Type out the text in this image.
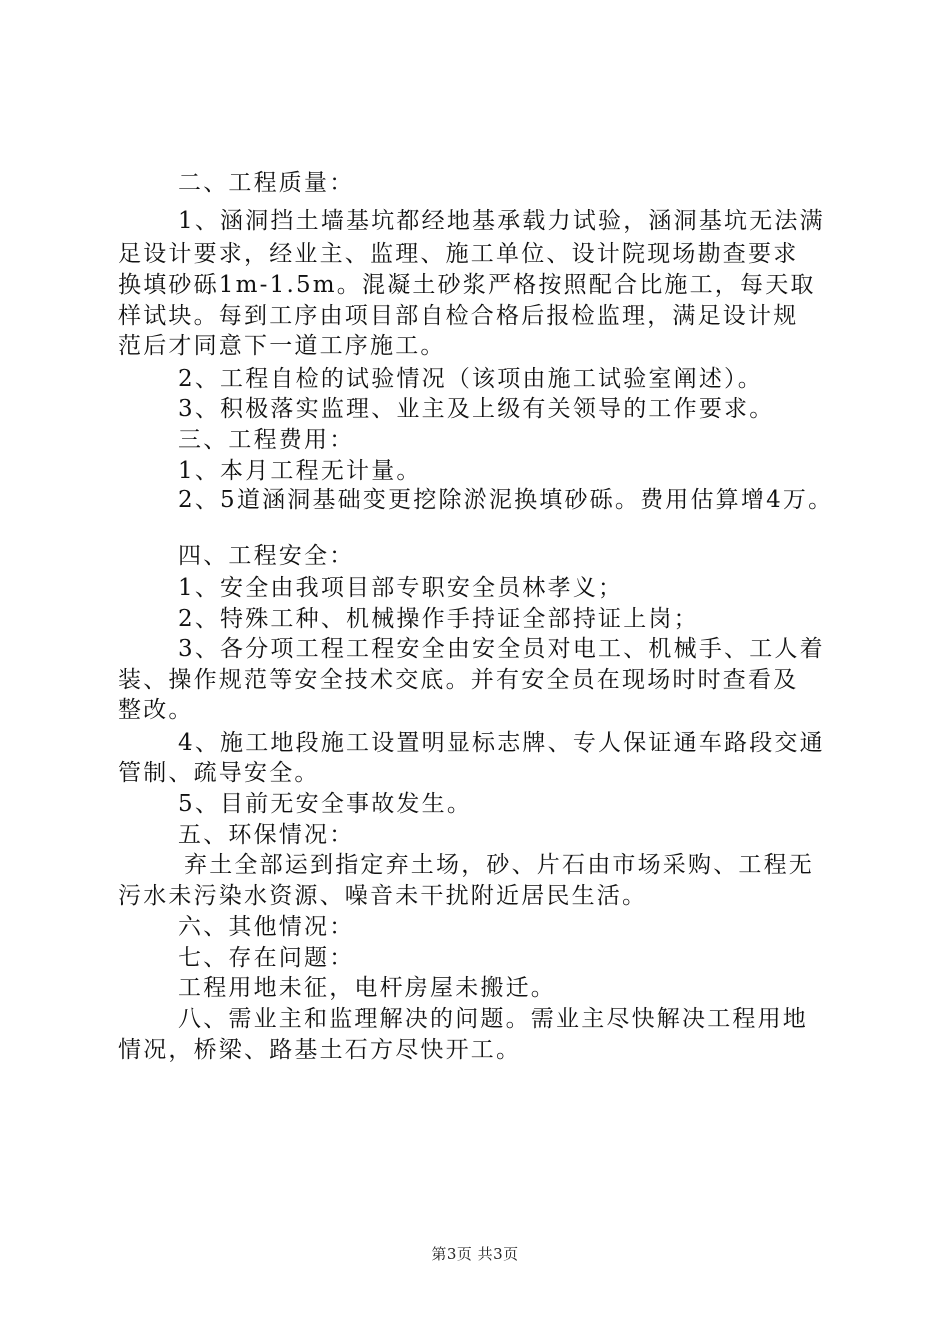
二、工程质量：
1、涵洞挡土墙基坑都经地基承载力试验，涵洞基坑无法满
足设计要求，经业主、监理、施工单位、设计院现场勘查要求
换填砂砾1m-1.5m。混凝土砂浆严格按照配合比施工，每天取
样试块。每到工序由项目部自检合格后报检监理，满足设计规
范后才同意下一道工序施工。
2、工程自检的试验情况（该项由施工试验室阐述）。
3、积极落实监理、业主及上级有关领导的工作要求。
三、工程费用：
1、本月工程无计量。
2、5道涵洞基础变更挖除淤泥换填砂砾。费用估算增4万。
四、工程安全：
1、安全由我项目部专职安全员林孝义；
2、特殊工种、机械操作手持证全部持证上岗；
3、各分项工程工程安全由安全员对电工、机械手、工人着
装、操作规范等安全技术交底。并有安全员在现场时时查看及
整改。
4、施工地段施工设置明显标志牌、专人保证通车路段交通
管制、疏导安全。
5、目前无安全事故发生。
五、环保情况：
弃土全部运到指定弃土场，砂、片石由市场采购、工程无
污水未污染水资源、噪音未干扰附近居民生活。
六、其他情况：
七、存在问题：
工程用地未征，电杆房屋未搬迁。
八、需业主和监理解决的问题。需业主尽快解决工程用地
情况，桥梁、路基土石方尽快开工。
第3页 共3页
